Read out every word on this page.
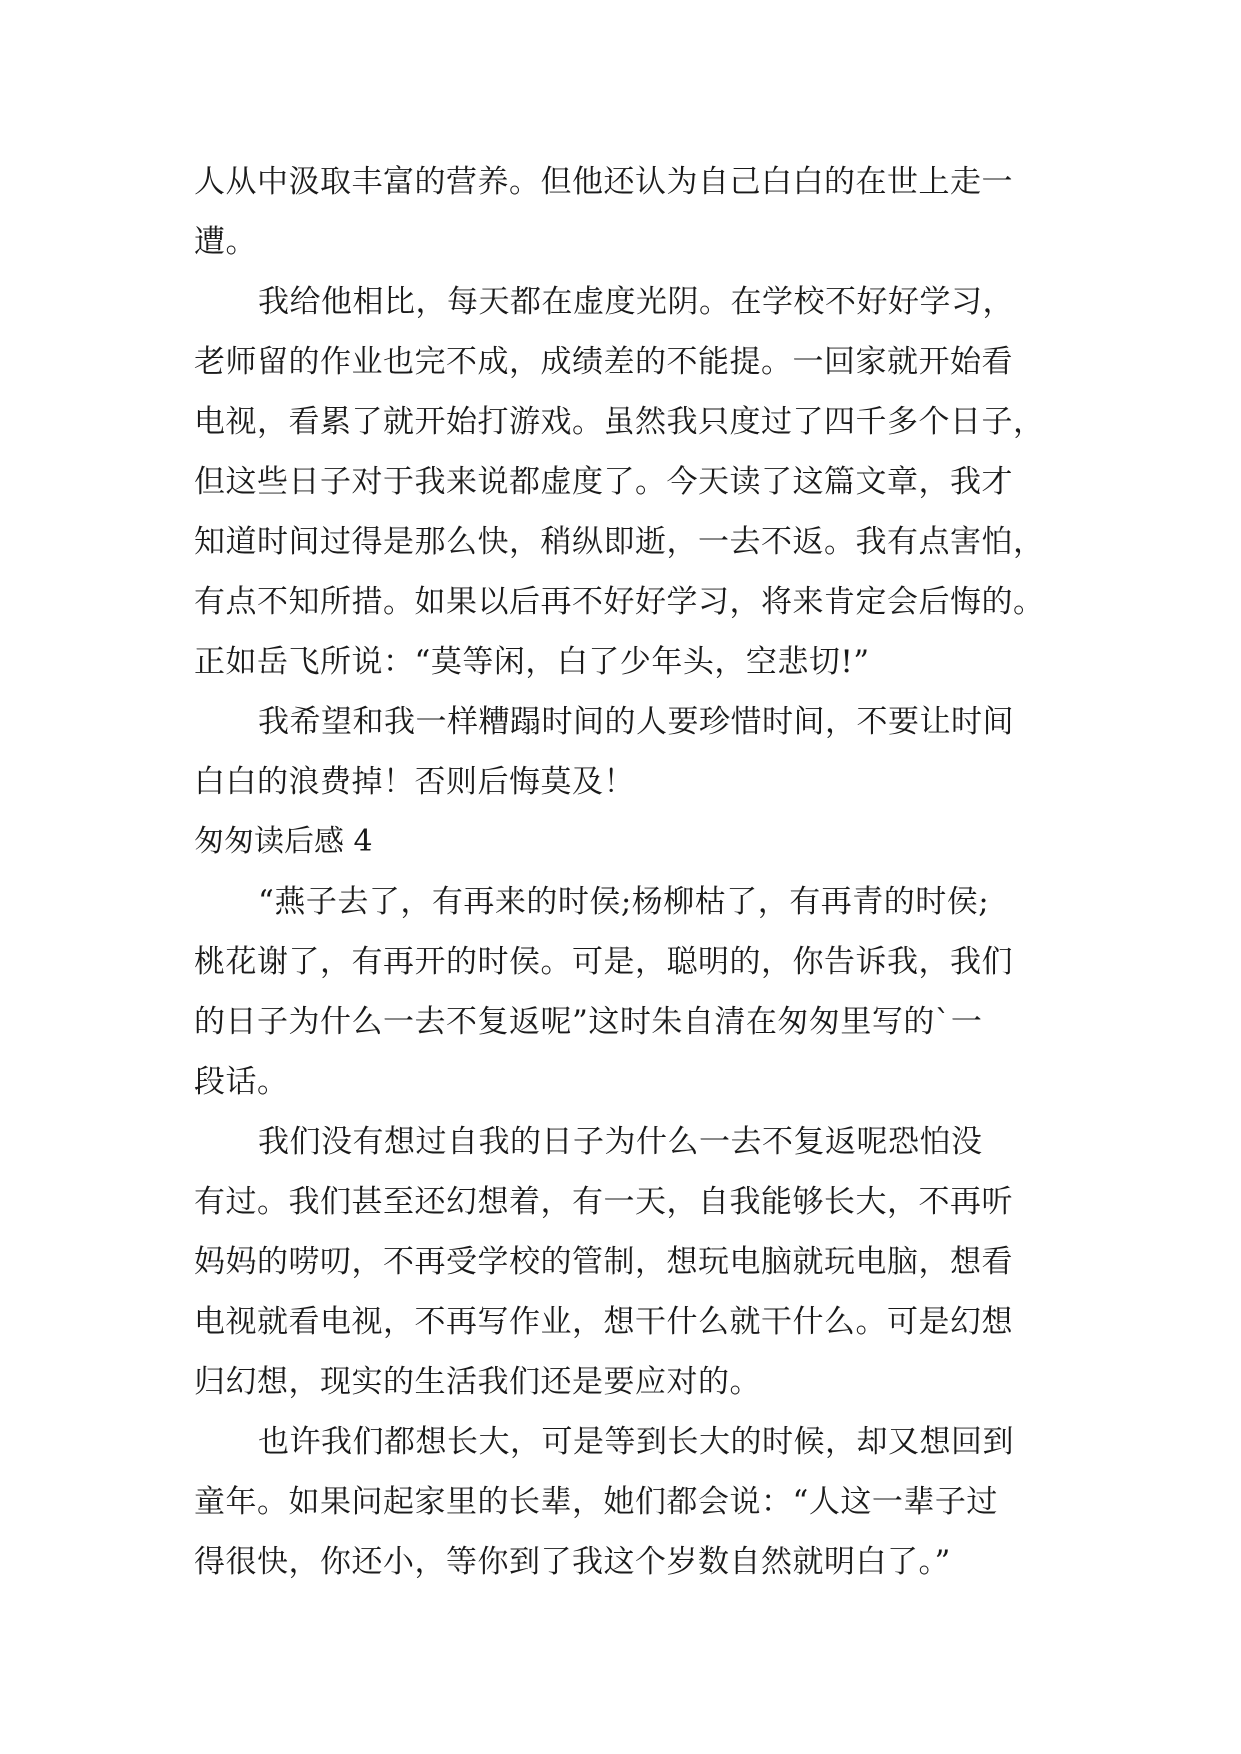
人从中汲取丰富的营养。但他还认为自己白白的在世上走一
遭。
我给他相比，每天都在虚度光阴。在学校不好好学习，
老师留的作业也完不成，成绩差的不能提。一回家就开始看
电视，看累了就开始打游戏。虽然我只度过了四千多个日子，
但这些日子对于我来说都虚度了。今天读了这篇文章，我才
知道时间过得是那么快，稍纵即逝，一去不返。我有点害怕，
有点不知所措。如果以后再不好好学习，将来肯定会后悔的。
正如岳飞所说：“莫等闲，白了少年头，空悲切!”
我希望和我一样糟蹋时间的人要珍惜时间，不要让时间
白白的浪费掉！否则后悔莫及！
匆匆读后感 4
“燕子去了，有再来的时侯;杨柳枯了，有再青的时侯;
桃花谢了，有再开的时侯。可是，聪明的，你告诉我，我们
的日子为什么一去不复返呢”这时朱自清在匆匆里写的`一
段话。
我们没有想过自我的日子为什么一去不复返呢恐怕没
有过。我们甚至还幻想着，有一天，自我能够长大，不再听
妈妈的唠叨，不再受学校的管制，想玩电脑就玩电脑，想看
电视就看电视，不再写作业，想干什么就干什么。可是幻想
归幻想，现实的生活我们还是要应对的。
也许我们都想长大，可是等到长大的时候，却又想回到
童年。如果问起家里的长辈，她们都会说：“人这一辈子过
得很快，你还小，等你到了我这个岁数自然就明白了。”
